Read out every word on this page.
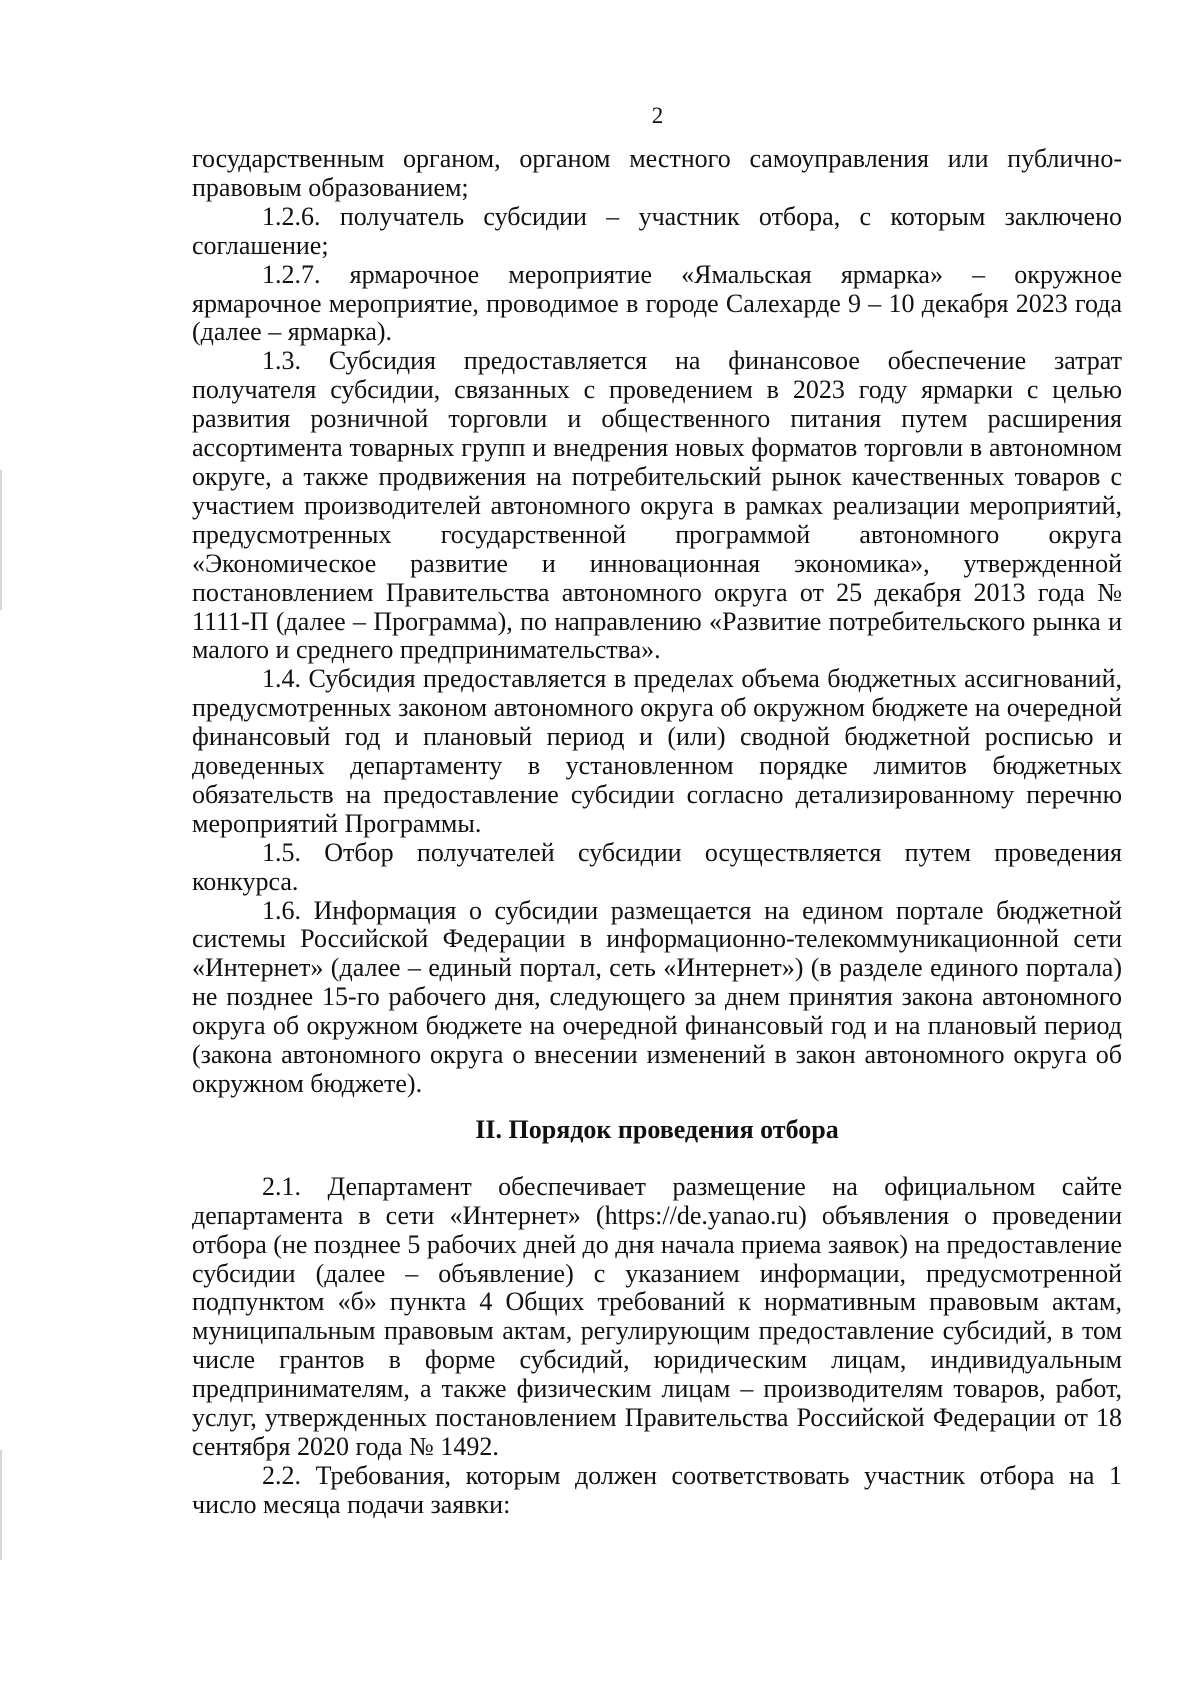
2

государственным органом, органом местного самоуправления или публично-правовым образованием;

1.2.6. получатель субсидии – участник отбора, с которым заключено соглашение;

1.2.7. ярмарочное мероприятие «Ямальская ярмарка» – окружное ярмарочное мероприятие, проводимое в городе Салехарде 9 – 10 декабря 2023 года (далее – ярмарка).

1.3. Субсидия предоставляется на финансовое обеспечение затрат получателя субсидии, связанных с проведением в 2023 году ярмарки с целью развития розничной торговли и общественного питания путем расширения ассортимента товарных групп и внедрения новых форматов торговли в автономном округе, а также продвижения на потребительский рынок качественных товаров с участием производителей автономного округа в рамках реализации мероприятий, предусмотренных государственной программой автономного округа «Экономическое развитие и инновационная экономика», утвержденной постановлением Правительства автономного округа от 25 декабря 2013 года № 1111-П (далее – Программа), по направлению «Развитие потребительского рынка и малого и среднего предпринимательства».

1.4. Субсидия предоставляется в пределах объема бюджетных ассигнований, предусмотренных законом автономного округа об окружном бюджете на очередной финансовый год и плановый период и (или) сводной бюджетной росписью и доведенных департаменту в установленном порядке лимитов бюджетных обязательств на предоставление субсидии согласно детализированному перечню мероприятий Программы.

1.5. Отбор получателей субсидии осуществляется путем проведения конкурса.

1.6. Информация о субсидии размещается на едином портале бюджетной системы Российской Федерации в информационно-телекоммуникационной сети «Интернет» (далее – единый портал, сеть «Интернет») (в разделе единого портала) не позднее 15-го рабочего дня, следующего за днем принятия закона автономного округа об окружном бюджете на очередной финансовый год и на плановый период (закона автономного округа о внесении изменений в закон автономного округа об окружном бюджете).

II. Порядок проведения отбора

2.1. Департамент обеспечивает размещение на официальном сайте департамента в сети «Интернет» (https://de.yanao.ru) объявления о проведении отбора (не позднее 5 рабочих дней до дня начала приема заявок) на предоставление субсидии (далее – объявление) с указанием информации, предусмотренной подпунктом «б» пункта 4 Общих требований к нормативным правовым актам, муниципальным правовым актам, регулирующим предоставление субсидий, в том числе грантов в форме субсидий, юридическим лицам, индивидуальным предпринимателям, а также физическим лицам – производителям товаров, работ, услуг, утвержденных постановлением Правительства Российской Федерации от 18 сентября 2020 года № 1492.

2.2. Требования, которым должен соответствовать участник отбора на 1 число месяца подачи заявки:
